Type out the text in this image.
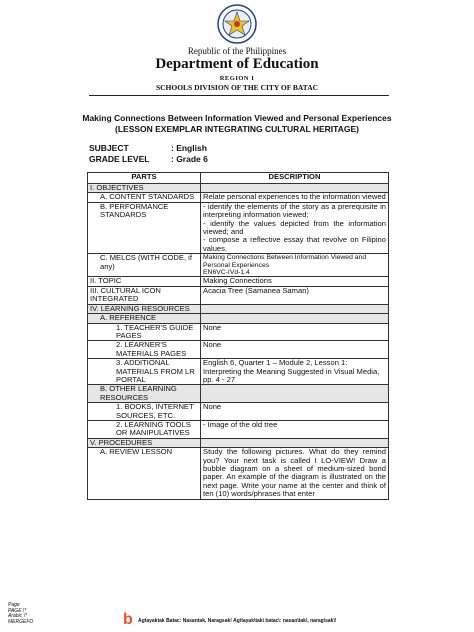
Republic of the Philippines
Department of Education
REGION I
SCHOOLS DIVISION OF THE CITY OF BATAC
Making Connections Between Information Viewed and Personal Experiences
(LESSON EXEMPLAR INTEGRATING CULTURAL HERITAGE)
SUBJECT	: English
GRADE LEVEL	: Grade 6
PARTS	DESCRIPTION
I. OBJECTIVES	
A. CONTENT STANDARDS	Relate personal experiences to the information viewed
B. PERFORMANCE STANDARDS	- identify the elements of the story as a prerequisite in interpreting information viewed;
- identify the values depicted from the information viewed; and
- compose a reflective essay that revolve on Filipino values.

C. MELCS (WITH CODE, if any)	Making Connections Between Information Viewed and Personal Experiences
EN6VC-IVd-1.4

II. TOPIC	Making Connections
III. CULTURAL ICON INTEGRATED	Acacia Tree (Samanea Saman)
IV. LEARNING RESOURCES	
A. REFERENCE	
1. TEACHER'S GUIDE PAGES	None
2. LEARNER'S MATERIALS PAGES	None
3. ADDITIONAL MATERIALS FROM LR PORTAL	English 6, Quarter 1 – Module 2, Lesson 1: Interpreting the Meaning Suggested in Visual Media, pp. 4 - 27
B. OTHER LEARNING RESOURCES	
1. BOOKS, INTERNET SOURCES, ETC.	None
2. LEARNING TOOLS OR MANIPULATIVES	- Image of the old tree
V. PROCEDURES	
A. REVIEW LESSON	Study the following pictures. What do they remind you? Your next task is called I LO-VIEW! Draw a bubble diagram on a sheet of medium-sized bond paper. An example of the diagram is illustrated on the next page. Write your name at the center and think of ten (10) words/phrases that enter
Page
PAGE \*
Arabic \*
MERGEFO	b Agtayaktak Batac: Nasantak, Naragsak! Ag\tayak\tak\ batac\: nasan\tak\, narag\sak\!
